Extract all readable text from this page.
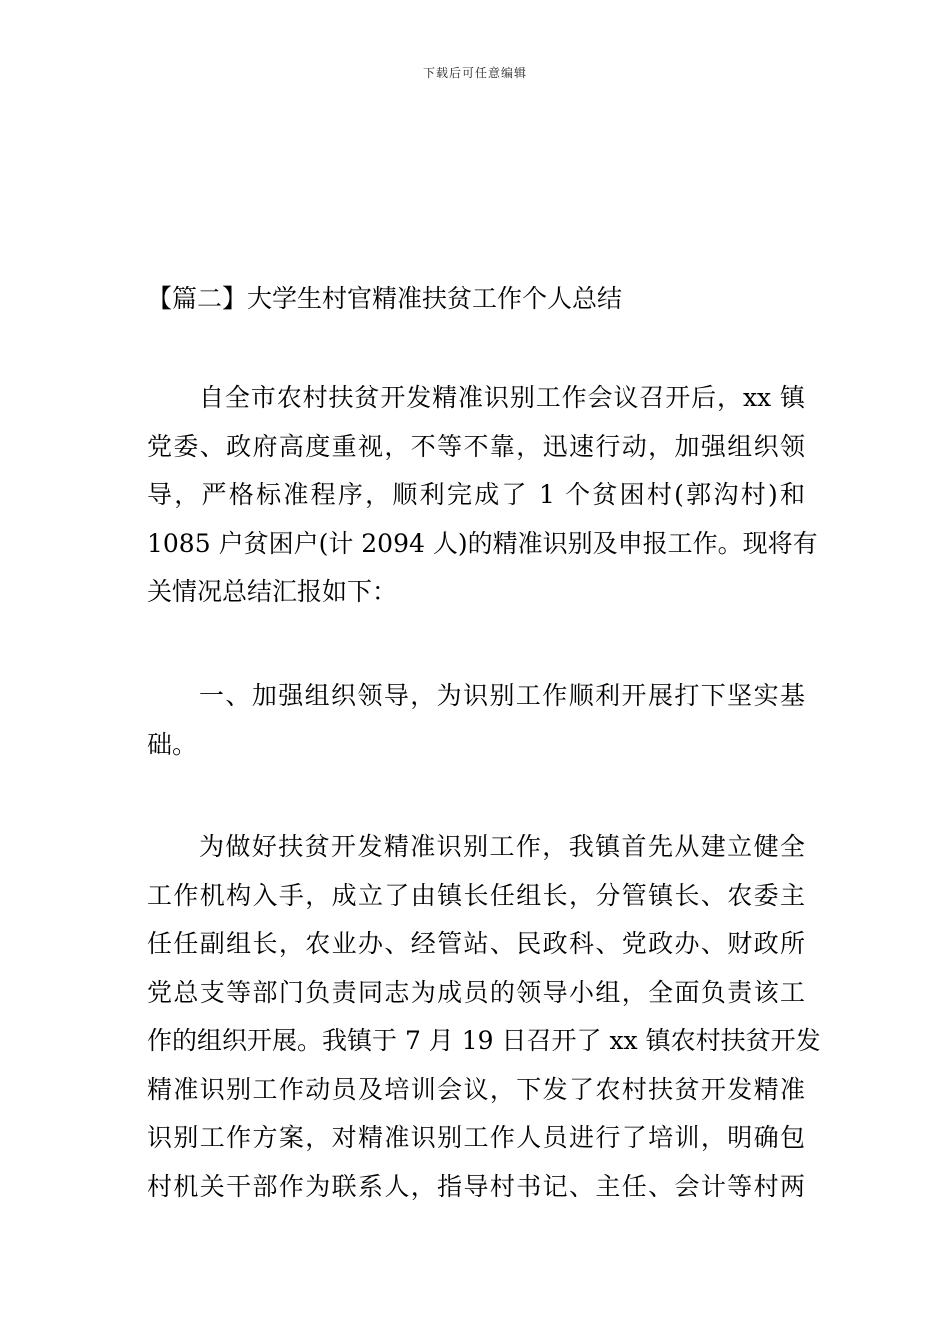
下载后可任意编辑
【篇二】大学生村官精准扶贫工作个人总结
自全市农村扶贫开发精准识别工作会议召开后，xx 镇
党委、政府高度重视，不等不靠，迅速行动，加强组织领
导，严格标准程序，顺利完成了 1 个贫困村(郭沟村)和
1085 户贫困户(计 2094 人)的精准识别及申报工作。现将有
关情况总结汇报如下：
一、加强组织领导，为识别工作顺利开展打下坚实基
础。
为做好扶贫开发精准识别工作，我镇首先从建立健全
工作机构入手，成立了由镇长任组长，分管镇长、农委主
任任副组长，农业办、经管站、民政科、党政办、财政所
党总支等部门负责同志为成员的领导小组，全面负责该工
作的组织开展。我镇于 7 月 19 日召开了 xx 镇农村扶贫开发
精准识别工作动员及培训会议，下发了农村扶贫开发精准
识别工作方案，对精准识别工作人员进行了培训，明确包
村机关干部作为联系人，指导村书记、主任、会计等村两
